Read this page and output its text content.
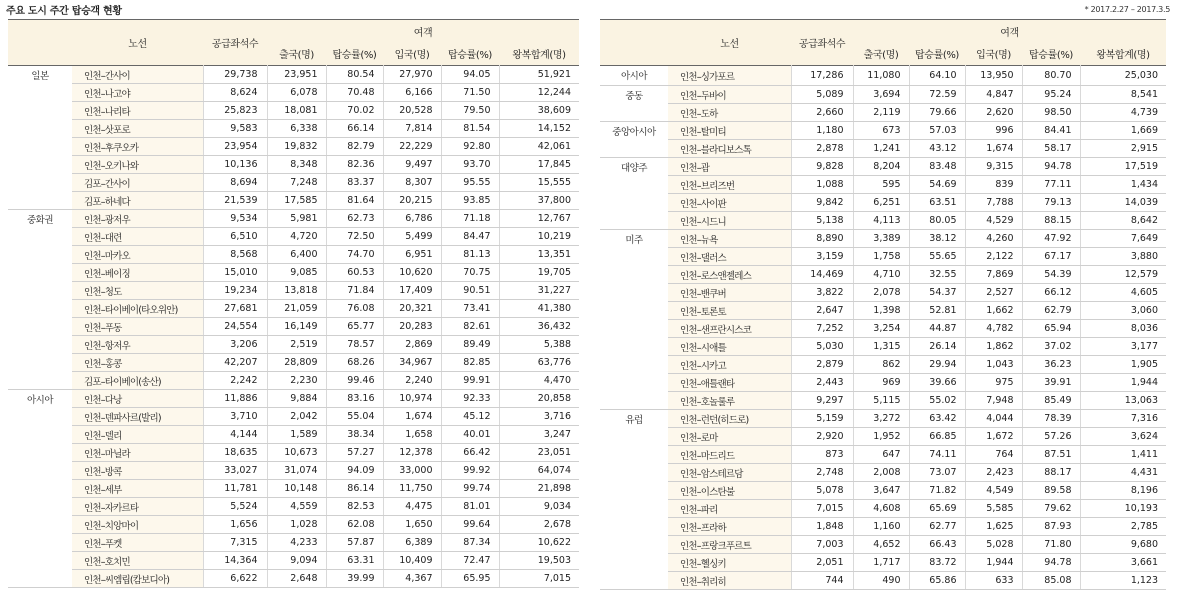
주요 도시 주간 탑승객 현황	* 2017.2.27 – 2017.3.5
	노선	공급좌석수	여객				
			출국(명)	탑승률(%)	입국(명)	탑승률(%)	왕복합계(명)
일본	인천–간사이	29,738	23,951	80.54	27,970	94.05	51,921
	인천–나고야	8,624	6,078	70.48	6,166	71.50	12,244
	인천–나리타	25,823	18,081	70.02	20,528	79.50	38,609
	인천–삿포로	9,583	6,338	66.14	7,814	81.54	14,152
	인천–후쿠오카	23,954	19,832	82.79	22,229	92.80	42,061
	인천–오키나와	10,136	8,348	82.36	9,497	93.70	17,845
	김포–간사이	8,694	7,248	83.37	8,307	95.55	15,555
	김포–하네다	21,539	17,585	81.64	20,215	93.85	37,800
중화권	인천–광저우	9,534	5,981	62.73	6,786	71.18	12,767
	인천–대련	6,510	4,720	72.50	5,499	84.47	10,219
	인천–마카오	8,568	6,400	74.70	6,951	81.13	13,351
	인천–베이징	15,010	9,085	60.53	10,620	70.75	19,705
	인천–청도	19,234	13,818	71.84	17,409	90.51	31,227
	인천–타이베이(타오위안)	27,681	21,059	76.08	20,321	73.41	41,380
	인천–푸동	24,554	16,149	65.77	20,283	82.61	36,432
	인천–항저우	3,206	2,519	78.57	2,869	89.49	5,388
	인천–홍콩	42,207	28,809	68.26	34,967	82.85	63,776
	김포–타이베이(송산)	2,242	2,230	99.46	2,240	99.91	4,470
아시아	인천–다낭	11,886	9,884	83.16	10,974	92.33	20,858
	인천–덴파사르(발리)	3,710	2,042	55.04	1,674	45.12	3,716
	인천–델리	4,144	1,589	38.34	1,658	40.01	3,247
	인천–마닐라	18,635	10,673	57.27	12,378	66.42	23,051
	인천–방콕	33,027	31,074	94.09	33,000	99.92	64,074
	인천–세부	11,781	10,148	86.14	11,750	99.74	21,898
	인천–자카르타	5,524	4,559	82.53	4,475	81.01	9,034
	인천–치앙마이	1,656	1,028	62.08	1,650	99.64	2,678
	인천–푸켓	7,315	4,233	57.87	6,389	87.34	10,622
	인천–호치민	14,364	9,094	63.31	10,409	72.47	19,503
	인천–씨엠립(캄보디아)	6,622	2,648	39.99	4,367	65.95	7,015
	노선	공급좌석수	여객				
			출국(명)	탑승률(%)	입국(명)	탑승률(%)	왕복합계(명)
아시아	인천–싱가포르	17,286	11,080	64.10	13,950	80.70	25,030
중동	인천–두바이	5,089	3,694	72.59	4,847	95.24	8,541
	인천–도하	2,660	2,119	79.66	2,620	98.50	4,739
중앙아시아	인천–탈미티	1,180	673	57.03	996	84.41	1,669
	인천–블라디보스톡	2,878	1,241	43.12	1,674	58.17	2,915
대양주	인천–괌	9,828	8,204	83.48	9,315	94.78	17,519
	인천–브리즈번	1,088	595	54.69	839	77.11	1,434
	인천–사이판	9,842	6,251	63.51	7,788	79.13	14,039
	인천–시드니	5,138	4,113	80.05	4,529	88.15	8,642
미주	인천–뉴욕	8,890	3,389	38.12	4,260	47.92	7,649
	인천–댈러스	3,159	1,758	55.65	2,122	67.17	3,880
	인천–로스앤젤레스	14,469	4,710	32.55	7,869	54.39	12,579
	인천–밴쿠버	3,822	2,078	54.37	2,527	66.12	4,605
	인천–토론토	2,647	1,398	52.81	1,662	62.79	3,060
	인천–샌프란시스코	7,252	3,254	44.87	4,782	65.94	8,036
	인천–시애틀	5,030	1,315	26.14	1,862	37.02	3,177
	인천–시카고	2,879	862	29.94	1,043	36.23	1,905
	인천–애틀랜타	2,443	969	39.66	975	39.91	1,944
	인천–호놀룰루	9,297	5,115	55.02	7,948	85.49	13,063
유럽	인천–런던(히드로)	5,159	3,272	63.42	4,044	78.39	7,316
	인천–로마	2,920	1,952	66.85	1,672	57.26	3,624
	인천–마드리드	873	647	74.11	764	87.51	1,411
	인천–암스테르담	2,748	2,008	73.07	2,423	88.17	4,431
	인천–이스탄불	5,078	3,647	71.82	4,549	89.58	8,196
	인천–파리	7,015	4,608	65.69	5,585	79.62	10,193
	인천–프라하	1,848	1,160	62.77	1,625	87.93	2,785
	인천–프랑크푸르트	7,003	4,652	66.43	5,028	71.80	9,680
	인천–헬싱키	2,051	1,717	83.72	1,944	94.78	3,661
	인천–취리히	744	490	65.86	633	85.08	1,123
